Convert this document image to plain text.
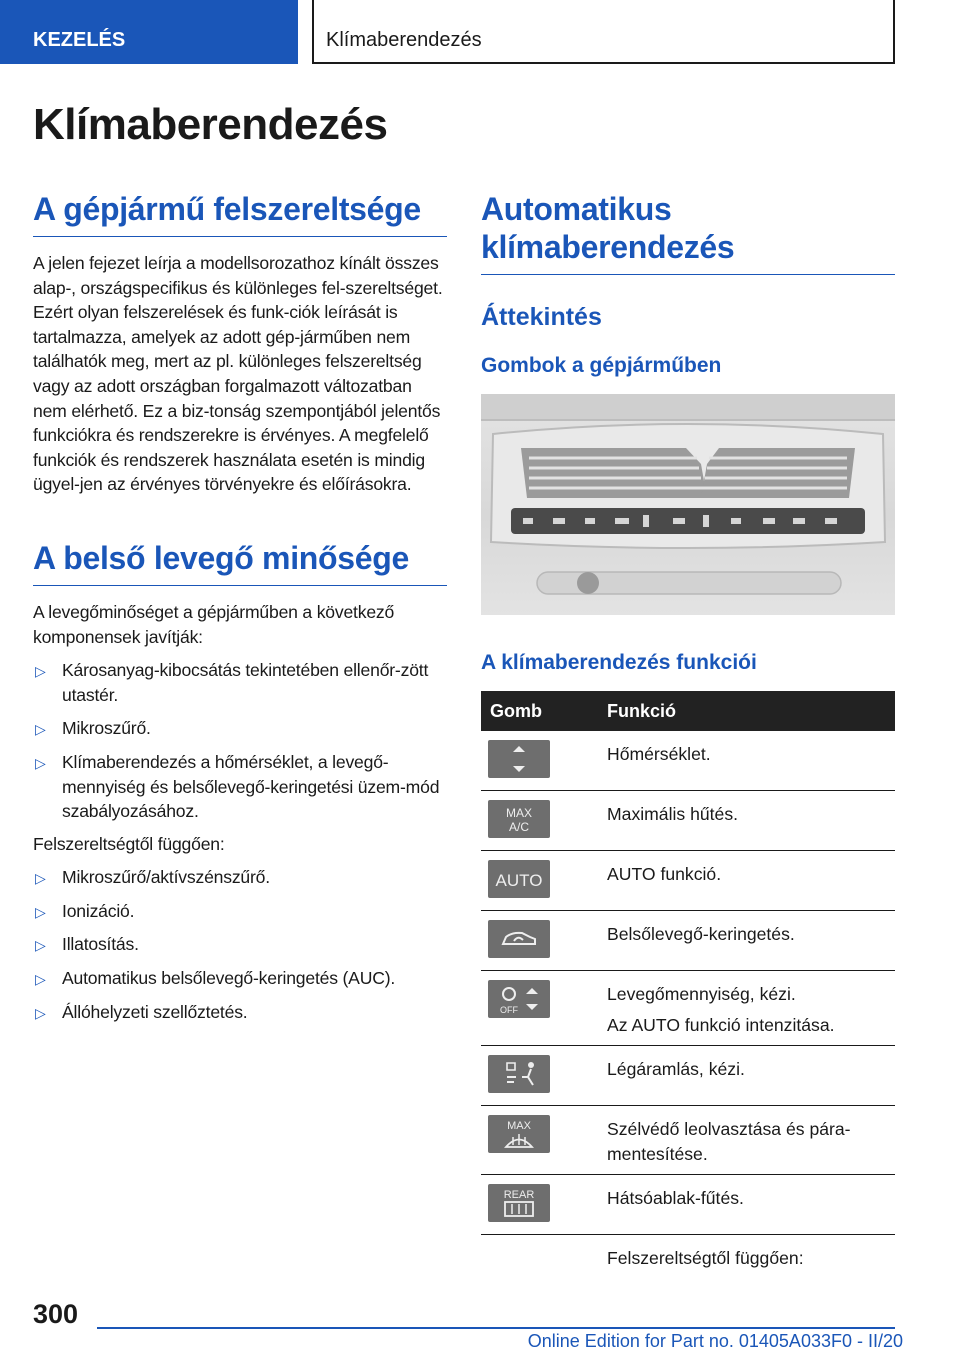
KEZELÉS	Klímaberendezés
Klímaberendezés
A gépjármű felszereltsége

A jelen fejezet leírja a modellsorozathoz kínált összes alap-, országspecifikus és különleges fel-szereltséget. Ezért olyan felszerelések és funk-ciók leírását is tartalmazza, amelyek az adott gép-járműben nem találhatók meg, mert az pl. különleges felszereltség vagy az adott országban forgalmazott változatban nem elérhető. Ez a biz-tonság szempontjából jelentős funkciókra és rendszerekre is érvényes. A megfelelő funkciók és rendszerek használata esetén is mindig ügyel-jen az érvényes törvényekre és előírásokra.

A belső levegő minősége

A levegőminőséget a gépjárműben a következő komponensek javítják:

▷ Károsanyag-kibocsátás tekintetében ellenőr-zött utastér.
▷ Mikroszűrő.
▷ Klímaberendezés a hőmérséklet, a levegő-mennyiség és belsőlevegő-keringetési üzem-mód szabályozásához.

Felszereltségtől függően:

▷ Mikroszűrő/aktívszénszűrő.
▷ Ionizáció.
▷ Illatosítás.
▷ Automatikus belsőlevegő-keringetés (AUC).
▷ Állóhelyzeti szellőztetés.
Automatikus klímaberendezés
Áttekintés
Gombok a gépjárműben
A klímaberendezés funkciói
Gomb	Funkció

	Hőmérséklet.

MAX
A/C	Maximális hűtés.

AUTO	AUTO funkció.

	Belsőlevegő-keringetés.

OFF	Levegőmennyiség, kézi.
Az AUTO funkció intenzitása.

	Légáramlás, kézi.

MAX	Szélvédő leolvasztása és pára-mentesítése.

REAR	Hátsóablak-fűtés.
	Felszereltségtől függően:
300
Online Edition for Part no. 01405A033F0 - II/20
